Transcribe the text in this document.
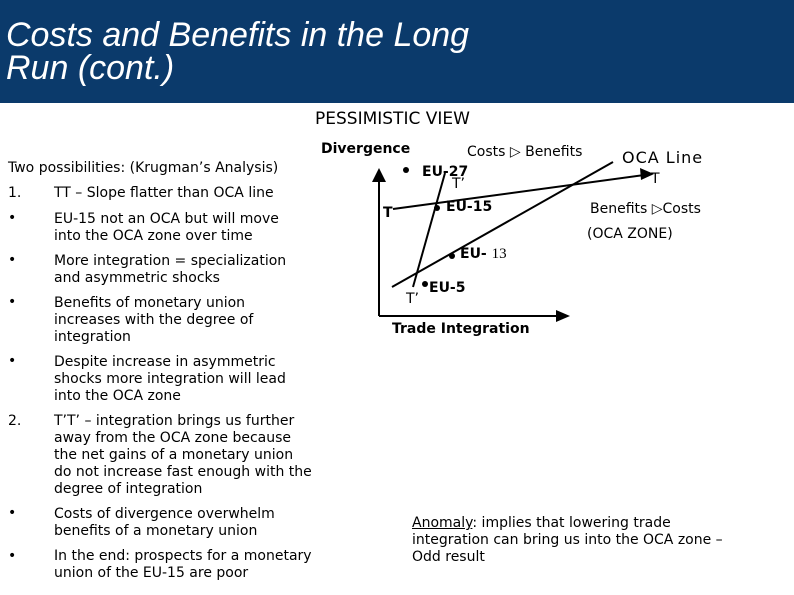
Costs and Benefits in the Long
Run (cont.)
PESSIMISTIC VIEW
Two possibilities: (Krugman’s Analysis)
1. TT – Slope flatter than OCA line
•	EU-15 not an OCA but will move
into the OCA zone over time
•	More integration = specialization
and asymmetric shocks
•	Benefits of monetary union
increases with the degree of
integration
•	Despite increase in asymmetric
shocks more integration will lead
into the OCA zone
2. T’T’ – integration brings us further
away from the OCA zone because
the net gains of a monetary union
do not increase fast enough with the
degree of integration
•	Costs of divergence overwhelm
benefits of a monetary union
•	In the end: prospects for a monetary
union of the EU-15 are poor
Divergence	Costs ▷ Benefits OCA Line
T
EU-27
T’
T	EU-15	Benefits ▷Costs
(OCA ZONE)
EU- 13
EU-5
T’
Trade Integration
Anomaly: implies that lowering trade
integration can bring us into the OCA zone –
Odd result
